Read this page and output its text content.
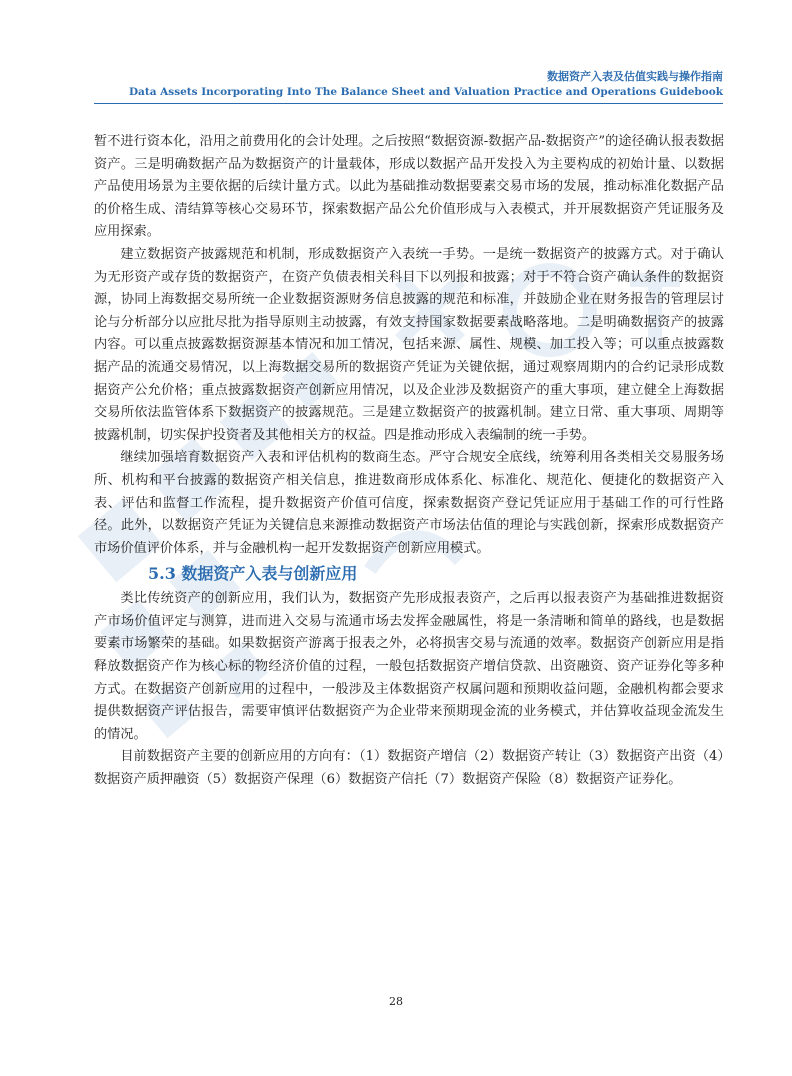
数据资产入表及估值实践与操作指南
Data Assets Incorporating Into The Balance Sheet and Valuation Practice and Operations Guidebook

暂不进行资本化，沿用之前费用化的会计处理。之后按照“数据资源-数据产品-数据资产”的途径确认报表数据资产。三是明确数据产品为数据资产的计量载体，形成以数据产品开发投入为主要构成的初始计量、以数据产品使用场景为主要依据的后续计量方式。以此为基础推动数据要素交易市场的发展，推动标准化数据产品的价格生成、清结算等核心交易环节，探索数据产品公允价值形成与入表模式，并开展数据资产凭证服务及应用探索。

建立数据资产披露规范和机制，形成数据资产入表统一手势。一是统一数据资产的披露方式。对于确认为无形资产或存货的数据资产，在资产负债表相关科目下以列报和披露；对于不符合资产确认条件的数据资源，协同上海数据交易所统一企业数据资源财务信息披露的规范和标准，并鼓励企业在财务报告的管理层讨论与分析部分以应批尽批为指导原则主动披露，有效支持国家数据要素战略落地。二是明确数据资产的披露内容。可以重点披露数据资源基本情况和加工情况，包括来源、属性、规模、加工投入等；可以重点披露数据产品的流通交易情况，以上海数据交易所的数据资产凭证为关键依据，通过观察周期内的合约记录形成数据资产公允价格；重点披露数据资产创新应用情况，以及企业涉及数据资产的重大事项，建立健全上海数据交易所依法监管体系下数据资产的披露规范。三是建立数据资产的披露机制。建立日常、重大事项、周期等披露机制，切实保护投资者及其他相关方的权益。四是推动形成入表编制的统一手势。

继续加强培育数据资产入表和评估机构的数商生态。严守合规安全底线，统筹利用各类相关交易服务场所、机构和平台披露的数据资产相关信息，推进数商形成体系化、标准化、规范化、便捷化的数据资产入表、评估和监督工作流程，提升数据资产价值可信度，探索数据资产登记凭证应用于基础工作的可行性路径。此外，以数据资产凭证为关键信息来源推动数据资产市场法估值的理论与实践创新，探索形成数据资产市场价值评价体系，并与金融机构一起开发数据资产创新应用模式。

5.3 数据资产入表与创新应用

类比传统资产的创新应用，我们认为，数据资产先形成报表资产，之后再以报表资产为基础推进数据资产市场价值评定与测算，进而进入交易与流通市场去发挥金融属性，将是一条清晰和简单的路线，也是数据要素市场繁荣的基础。如果数据资产游离于报表之外，必将损害交易与流通的效率。数据资产创新应用是指释放数据资产作为核心标的物经济价值的过程，一般包括数据资产增信贷款、出资融资、资产证券化等多种方式。在数据资产创新应用的过程中，一般涉及主体数据资产权属问题和预期收益问题，金融机构都会要求提供数据资产评估报告，需要审慎评估数据资产为企业带来预期现金流的业务模式，并估算收益现金流发生的情况。

目前数据资产主要的创新应用的方向有：（1）数据资产增信（2）数据资产转让（3）数据资产出资（4）数据资产质押融资（5）数据资产保理（6）数据资产信托（7）数据资产保险（8）数据资产证券化。

28
